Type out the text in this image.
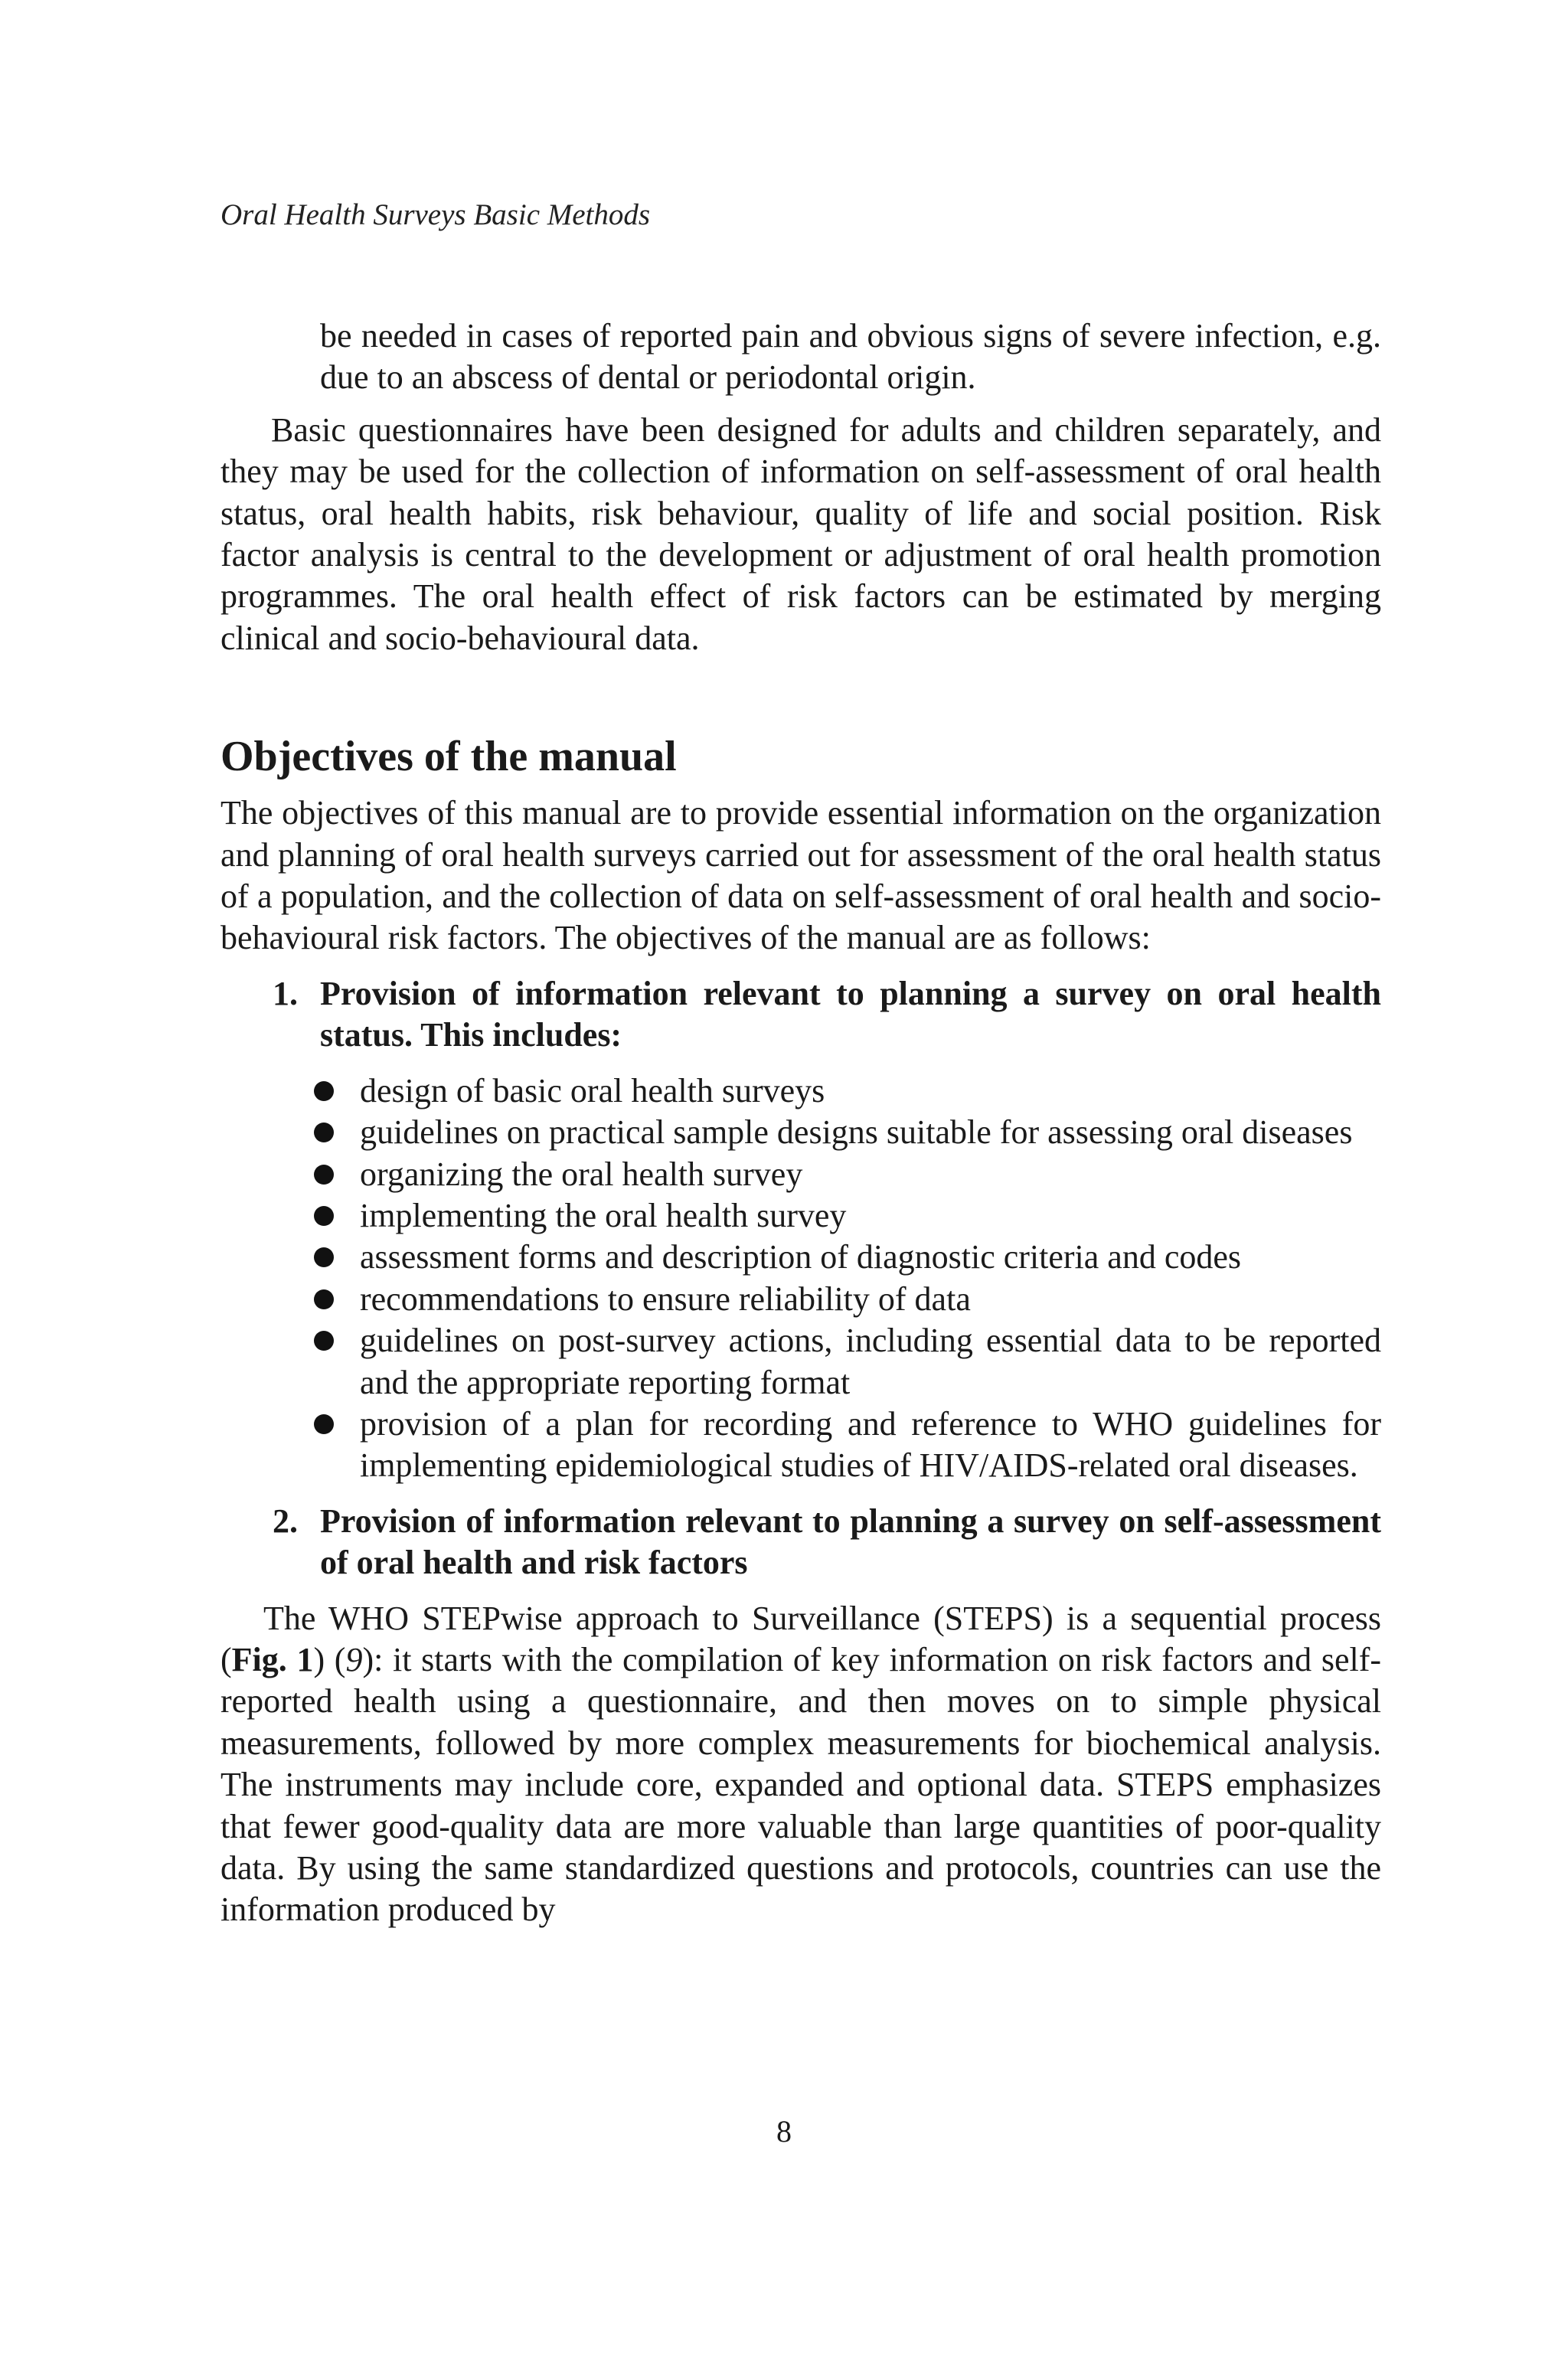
Oral Health Surveys Basic Methods

be needed in cases of reported pain and obvious signs of severe infection, e.g. due to an abscess of dental or periodontal origin.

Basic questionnaires have been designed for adults and children separately, and they may be used for the collection of information on self-assessment of oral health status, oral health habits, risk behaviour, quality of life and social position. Risk factor analysis is central to the development or adjustment of oral health promotion programmes. The oral health effect of risk factors can be estimated by merging clinical and socio-behavioural data.

Objectives of the manual

The objectives of this manual are to provide essential information on the organization and planning of oral health surveys carried out for assessment of the oral health status of a population, and the collection of data on self-assessment of oral health and socio-behavioural risk factors. The objectives of the manual are as follows:

1. Provision of information relevant to planning a survey on oral health status. This includes:
design of basic oral health surveys
guidelines on practical sample designs suitable for assessing oral diseases
organizing the oral health survey
implementing the oral health survey
assessment forms and description of diagnostic criteria and codes
recommendations to ensure reliability of data
guidelines on post-survey actions, including essential data to be reported and the appropriate reporting format
provision of a plan for recording and reference to WHO guidelines for implementing epidemiological studies of HIV/AIDS-related oral diseases.
2. Provision of information relevant to planning a survey on self-assessment of oral health and risk factors

The WHO STEPwise approach to Surveillance (STEPS) is a sequential process (Fig. 1) (9): it starts with the compilation of key information on risk factors and self-reported health using a questionnaire, and then moves on to simple physical measurements, followed by more complex measurements for biochemical analysis. The instruments may include core, expanded and optional data. STEPS emphasizes that fewer good-quality data are more valuable than large quantities of poor-quality data. By using the same standardized questions and protocols, countries can use the information produced by

8
